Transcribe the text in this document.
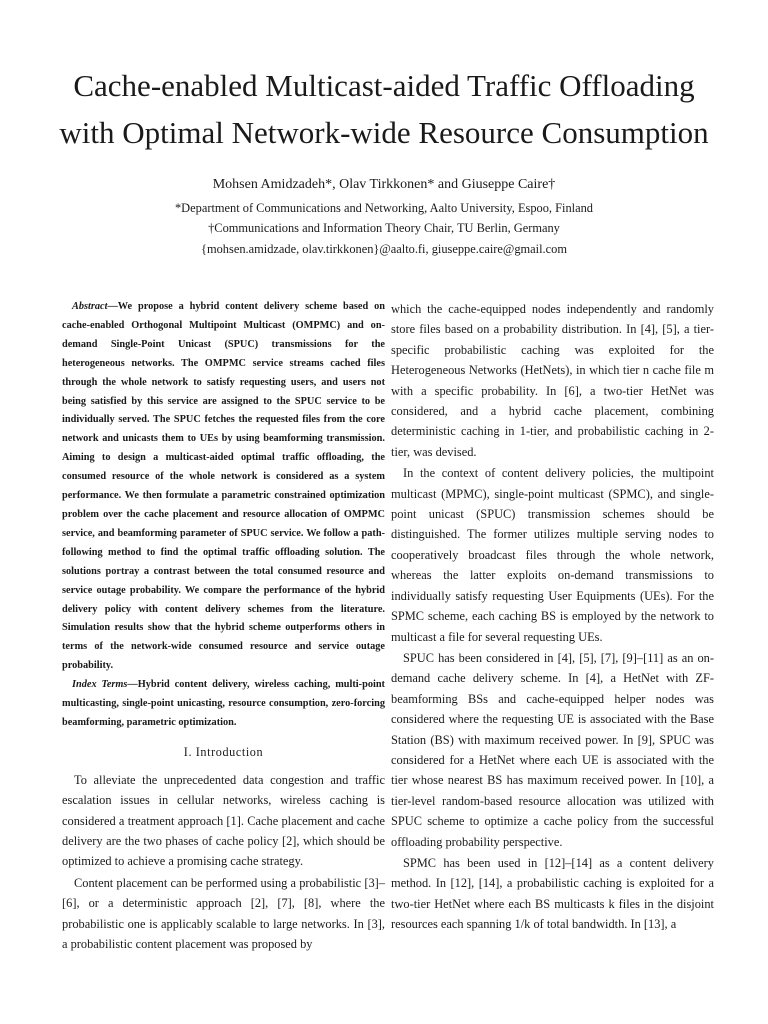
Cache-enabled Multicast-aided Traffic Offloading
with Optimal Network-wide Resource Consumption
Mohsen Amidzadeh*, Olav Tirkkonen* and Giuseppe Caire†
*Department of Communications and Networking, Aalto University, Espoo, Finland
†Communications and Information Theory Chair, TU Berlin, Germany
{mohsen.amidzade, olav.tirkkonen}@aalto.fi, giuseppe.caire@gmail.com

Abstract—We propose a hybrid content delivery scheme based on cache-enabled Orthogonal Multipoint Multicast (OMPMC) and on-demand Single-Point Unicast (SPUC) transmissions for the heterogeneous networks. The OMPMC service streams cached files through the whole network to satisfy requesting users, and users not being satisfied by this service are assigned to the SPUC service to be individually served. The SPUC fetches the requested files from the core network and unicasts them to UEs by using beamforming transmission. Aiming to design a multicast-aided optimal traffic offloading, the consumed resource of the whole network is considered as a system performance. We then formulate a parametric constrained optimization problem over the cache placement and resource allocation of OMPMC service, and beamforming parameter of SPUC service. We follow a path-following method to find the optimal traffic offloading solution. The solutions portray a contrast between the total consumed resource and service outage probability. We compare the performance of the hybrid delivery policy with content delivery schemes from the literature. Simulation results show that the hybrid scheme outperforms others in terms of the network-wide consumed resource and service outage probability.

Index Terms—Hybrid content delivery, wireless caching, multi-point multicasting, single-point unicasting, resource consumption, zero-forcing beamforming, parametric optimization.

I. Introduction

To alleviate the unprecedented data congestion and traffic escalation issues in cellular networks, wireless caching is considered a treatment approach [1]. Cache placement and cache delivery are the two phases of cache policy [2], which should be optimized to achieve a promising cache strategy.

Content placement can be performed using a probabilistic [3]–[6], or a deterministic approach [2], [7], [8], where the probabilistic one is applicably scalable to large networks. In [3], a probabilistic content placement was proposed by

which the cache-equipped nodes independently and randomly store files based on a probability distribution. In [4], [5], a tier-specific probabilistic caching was exploited for the Heterogeneous Networks (HetNets), in which tier n cache file m with a specific probability. In [6], a two-tier HetNet was considered, and a hybrid cache placement, combining deterministic caching in 1-tier, and probabilistic caching in 2-tier, was devised.

In the context of content delivery policies, the multipoint multicast (MPMC), single-point multicast (SPMC), and single-point unicast (SPUC) transmission schemes should be distinguished. The former utilizes multiple serving nodes to cooperatively broadcast files through the whole network, whereas the latter exploits on-demand transmissions to individually satisfy requesting User Equipments (UEs). For the SPMC scheme, each caching BS is employed by the network to multicast a file for several requesting UEs.

SPUC has been considered in [4], [5], [7], [9]–[11] as an on-demand cache delivery scheme. In [4], a HetNet with ZF-beamforming BSs and cache-equipped helper nodes was considered where the requesting UE is associated with the Base Station (BS) with maximum received power. In [9], SPUC was considered for a HetNet where each UE is associated with the tier whose nearest BS has maximum received power. In [10], a tier-level random-based resource allocation was utilized with SPUC scheme to optimize a cache policy from the successful offloading probability perspective.

SPMC has been used in [12]–[14] as a content delivery method. In [12], [14], a probabilistic caching is exploited for a two-tier HetNet where each BS multicasts k files in the disjoint resources each spanning 1/k of total bandwidth. In [13], a
